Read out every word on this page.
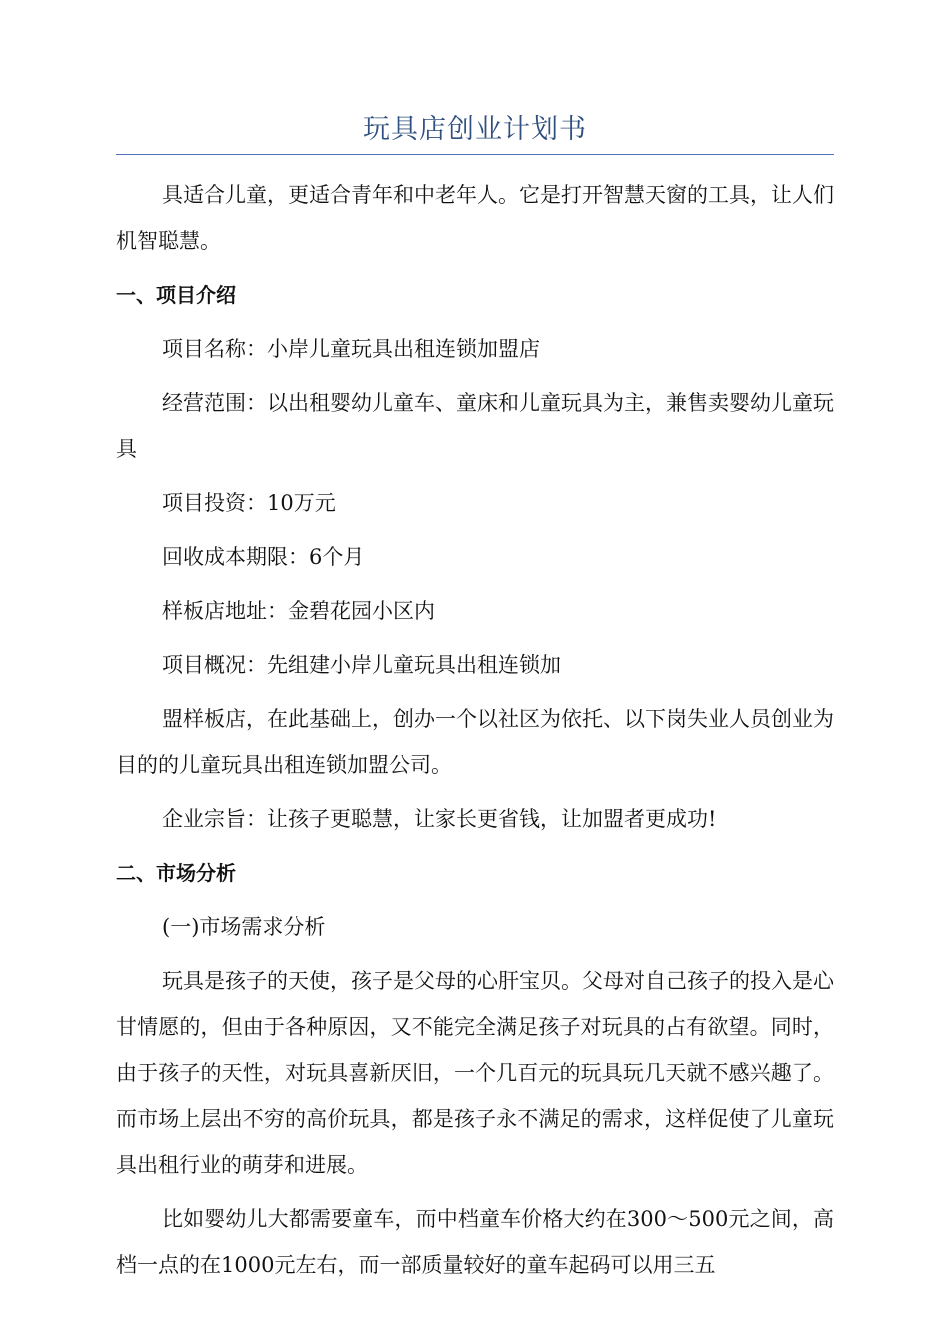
玩具店创业计划书

具适合儿童，更适合青年和中老年人。它是打开智慧天窗的工具，让人们机智聪慧。

一、项目介绍

项目名称：小岸儿童玩具出租连锁加盟店

经营范围：以出租婴幼儿童车、童床和儿童玩具为主，兼售卖婴幼儿童玩具

项目投资：10万元

回收成本期限：6个月

样板店地址：金碧花园小区内

项目概况：先组建小岸儿童玩具出租连锁加

盟样板店，在此基础上，创办一个以社区为依托、以下岗失业人员创业为目的的儿童玩具出租连锁加盟公司。

企业宗旨：让孩子更聪慧，让家长更省钱，让加盟者更成功!

二、市场分析

(一)市场需求分析

玩具是孩子的天使，孩子是父母的心肝宝贝。父母对自己孩子的投入是心甘情愿的，但由于各种原因，又不能完全满足孩子对玩具的占有欲望。同时，由于孩子的天性，对玩具喜新厌旧，一个几百元的玩具玩几天就不感兴趣了。而市场上层出不穷的高价玩具，都是孩子永不满足的需求，这样促使了儿童玩具出租行业的萌芽和进展。

比如婴幼儿大都需要童车，而中档童车价格大约在300～500元之间，高档一点的在1000元左右，而一部质量较好的童车起码可以用三五
